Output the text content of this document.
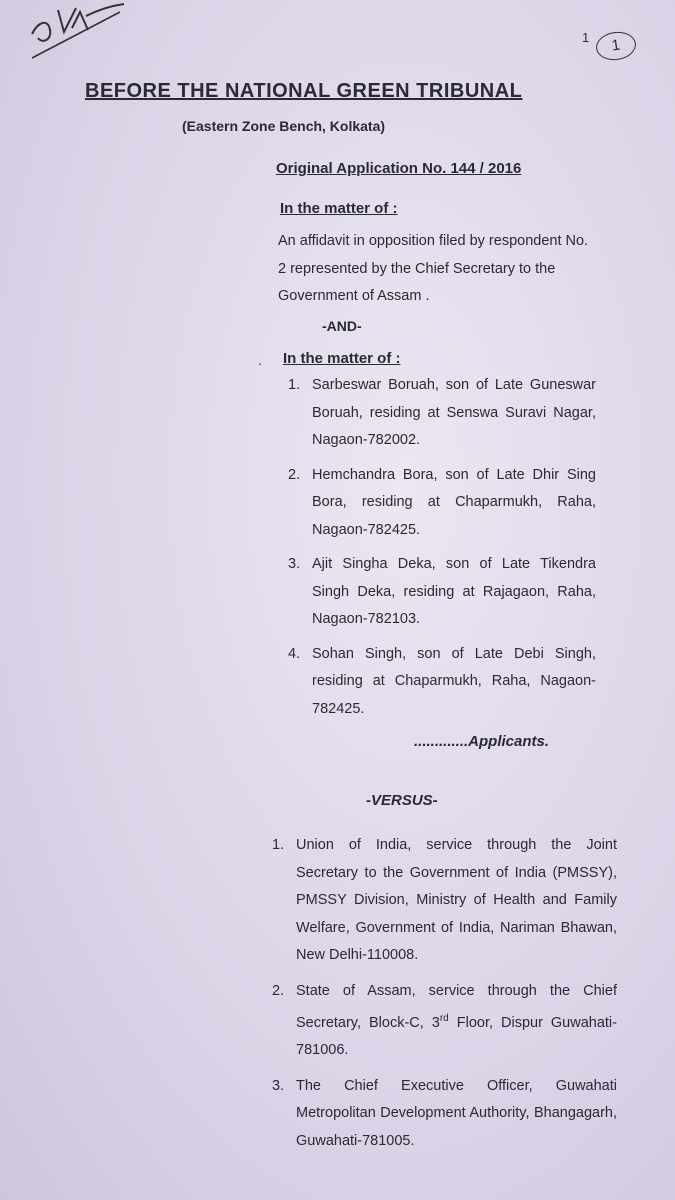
1	1
BEFORE THE NATIONAL GREEN TRIBUNAL
(Eastern Zone Bench, Kolkata)
Original Application No. 144 / 2016
In the matter of :
An affidavit in opposition filed by respondent No. 2 represented by the Chief Secretary to the Government of Assam .
-AND-
. In the matter of :
1. Sarbeswar Boruah, son of Late Guneswar Boruah, residing at Senswa Suravi Nagar, Nagaon-782002.
2. Hemchandra Bora, son of Late Dhir Sing Bora, residing at Chaparmukh, Raha, Nagaon-782425.
3. Ajit Singha Deka, son of Late Tikendra Singh Deka, residing at Rajagaon, Raha, Nagaon-782103.
4. Sohan Singh, son of Late Debi Singh, residing at Chaparmukh, Raha, Nagaon-782425.
.............Applicants.
-VERSUS-
1. Union of India, service through the Joint Secretary to the Government of India (PMSSY), PMSSY Division, Ministry of Health and Family Welfare, Government of India, Nariman Bhawan, New Delhi-110008.
2. State of Assam, service through the Chief Secretary, Block-C, 3rd Floor, Dispur Guwahati-781006.
3. The Chief Executive Officer, Guwahati Metropolitan Development Authority, Bhangagarh, Guwahati-781005.
